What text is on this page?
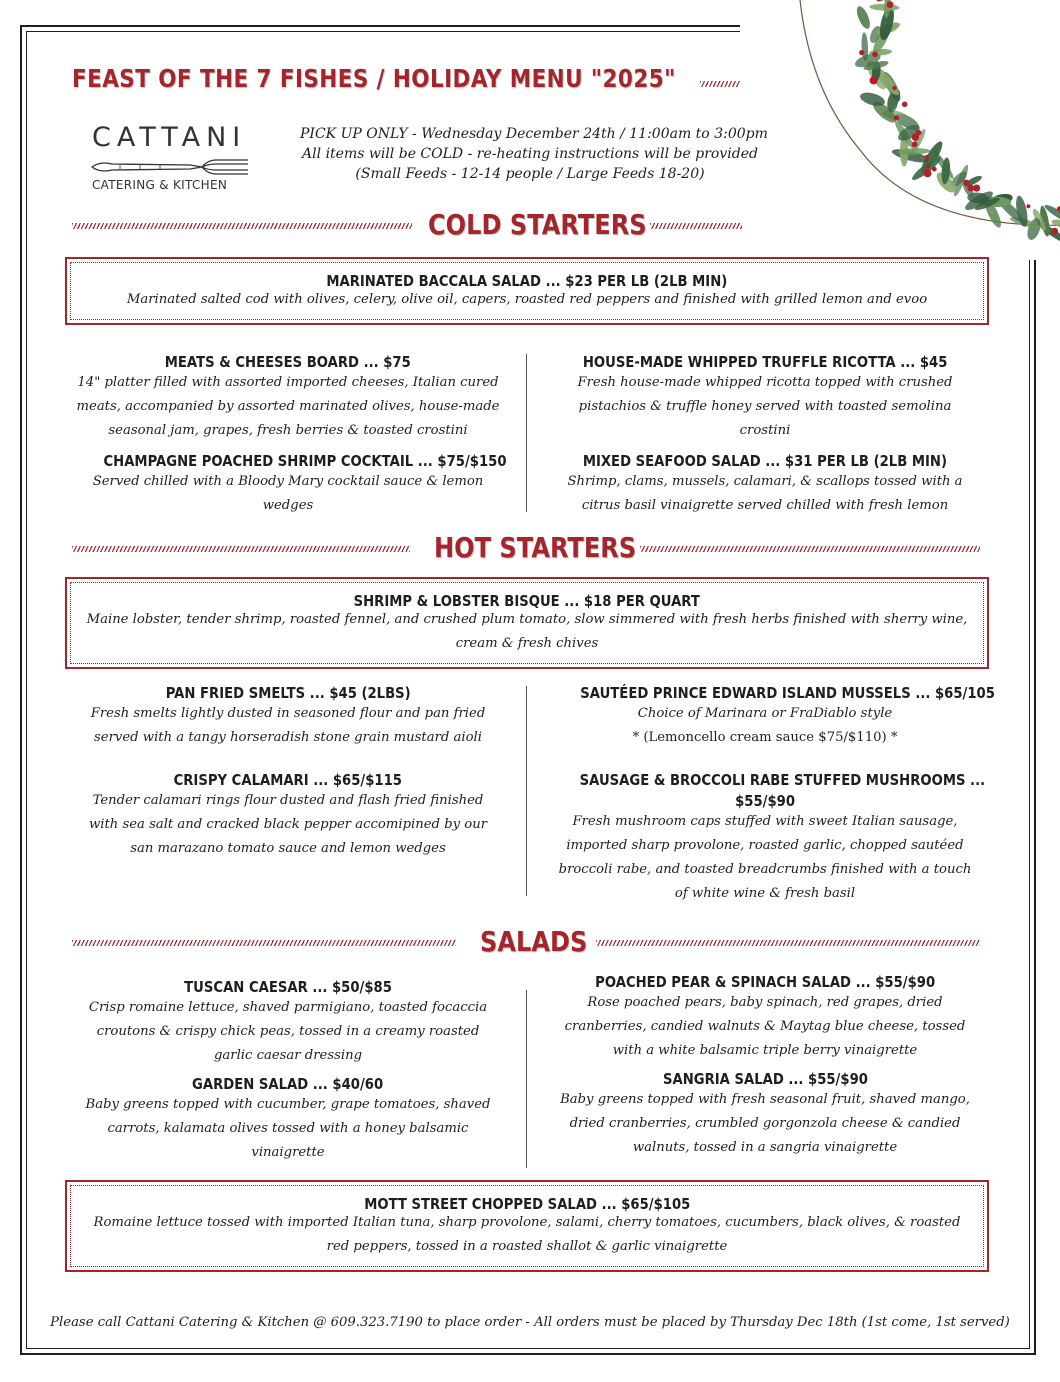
FEAST OF THE 7 FISHES / HOLIDAY MENU "2025"
CATTANI
CATERING & KITCHEN
PICK UP ONLY - Wednesday December 24th / 11:00am to 3:00pm
All items will be COLD - re-heating instructions will be provided
(Small Feeds - 12-14 people / Large Feeds 18-20)
COLD STARTERS
MARINATED BACCALA SALAD ... $23 PER LB (2LB MIN)
Marinated salted cod with olives, celery, olive oil, capers, roasted red peppers and finished with grilled lemon and evoo
MEATS & CHEESES BOARD ... $75
14" platter filled with assorted imported cheeses, Italian cured meats, accompanied by assorted marinated olives, house-made seasonal jam, grapes, fresh berries & toasted crostini
CHAMPAGNE POACHED SHRIMP COCKTAIL ... $75/$150
Served chilled with a Bloody Mary cocktail sauce & lemon wedges
HOUSE-MADE WHIPPED TRUFFLE RICOTTA ... $45
Fresh house-made whipped ricotta topped with crushed pistachios & truffle honey served with toasted semolina crostini
MIXED SEAFOOD SALAD ... $31 PER LB (2LB MIN)
Shrimp, clams, mussels, calamari, & scallops tossed with a citrus basil vinaigrette served chilled with fresh lemon
HOT STARTERS
SHRIMP & LOBSTER BISQUE ... $18 PER QUART
Maine lobster, tender shrimp, roasted fennel, and crushed plum tomato, slow simmered with fresh herbs finished with sherry wine, cream & fresh chives
PAN FRIED SMELTS ... $45 (2LBS)
Fresh smelts lightly dusted in seasoned flour and pan fried served with a tangy horseradish stone grain mustard aioli
CRISPY CALAMARI ... $65/$115
Tender calamari rings flour dusted and flash fried finished with sea salt and cracked black pepper accomipined by our san marazano tomato sauce and lemon wedges
SAUTÉED PRINCE EDWARD ISLAND MUSSELS ... $65/105
Choice of Marinara or FraDiablo style
* (Lemoncello cream sauce $75/$110) *
SAUSAGE & BROCCOLI RABE STUFFED MUSHROOMS ...
$55/$90
Fresh mushroom caps stuffed with sweet Italian sausage, imported sharp provolone, roasted garlic, chopped sautéed broccoli rabe, and toasted breadcrumbs finished with a touch of white wine & fresh basil
SALADS
TUSCAN CAESAR ... $50/$85
Crisp romaine lettuce, shaved parmigiano, toasted focaccia croutons & crispy chick peas, tossed in a creamy roasted garlic caesar dressing
GARDEN SALAD ... $40/60
Baby greens topped with cucumber, grape tomatoes, shaved carrots, kalamata olives tossed with a honey balsamic vinaigrette
POACHED PEAR & SPINACH SALAD ... $55/$90
Rose poached pears, baby spinach, red grapes, dried cranberries, candied walnuts & Maytag blue cheese, tossed with a white balsamic triple berry vinaigrette
SANGRIA SALAD ... $55/$90
Baby greens topped with fresh seasonal fruit, shaved mango, dried cranberries, crumbled gorgonzola cheese & candied walnuts, tossed in a sangria vinaigrette
MOTT STREET CHOPPED SALAD ... $65/$105
Romaine lettuce tossed with imported Italian tuna, sharp provolone, salami, cherry tomatoes, cucumbers, black olives, & roasted red peppers, tossed in a roasted shallot & garlic vinaigrette
Please call Cattani Catering & Kitchen @ 609.323.7190 to place order - All orders must be placed by Thursday Dec 18th (1st come, 1st served)
